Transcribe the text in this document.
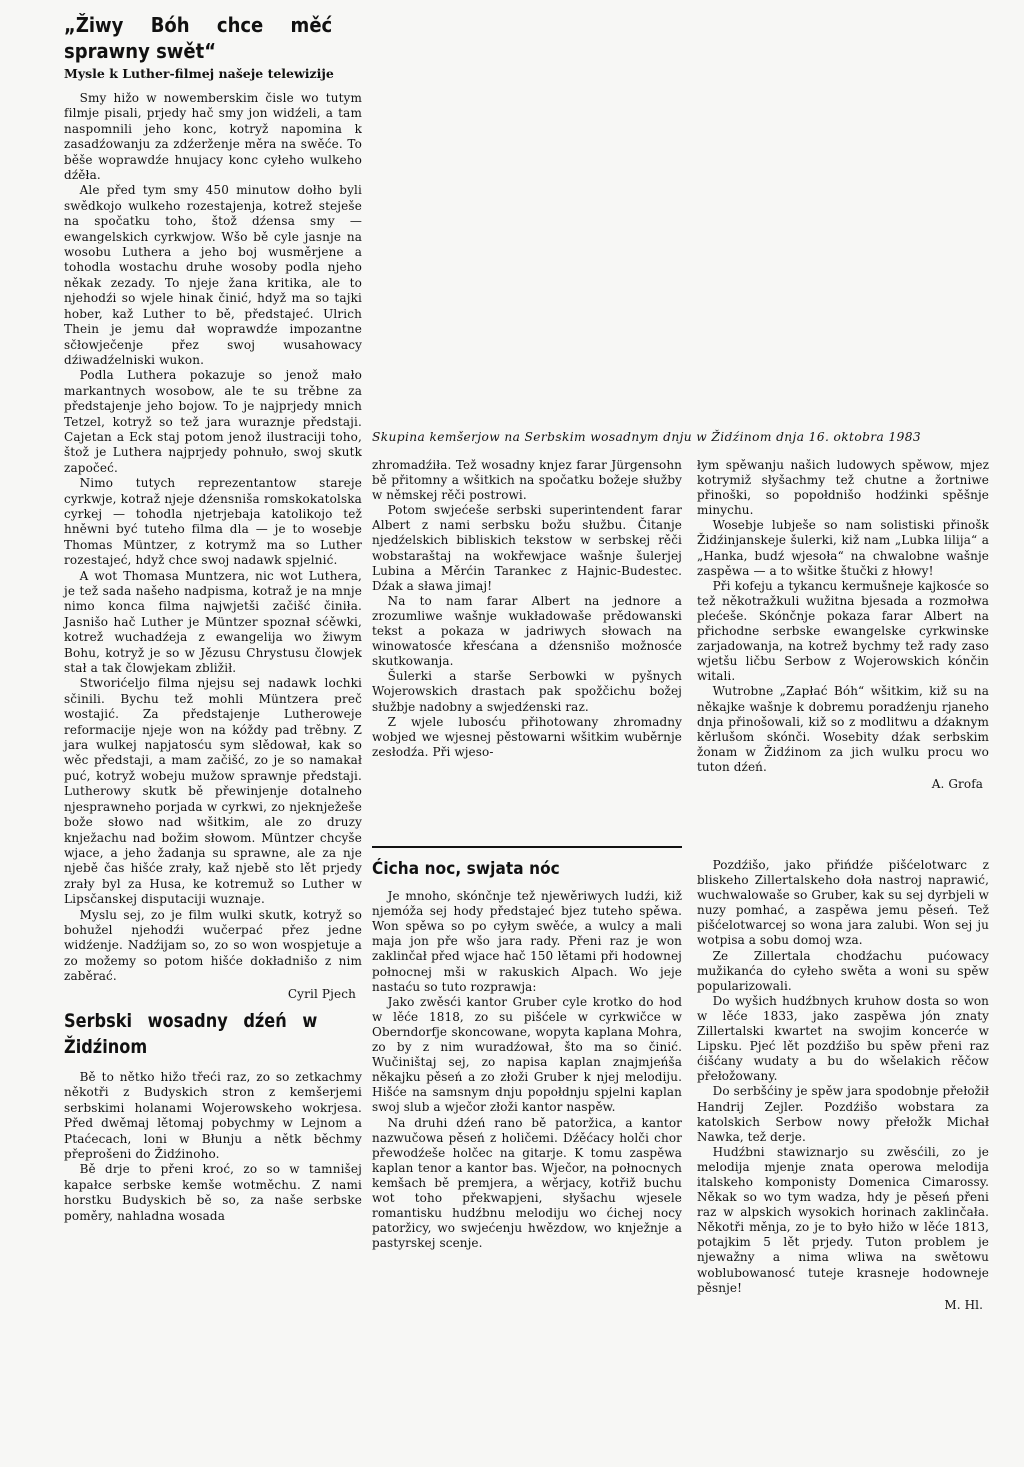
„Žiwy Bóh chce měć sprawny swět“
Mysle k Luther-filmej našeje telewizije

Smy hižo w nowemberskim čisle wo tutym filmje pisali, prjedy hač smy jon widźeli, a tam naspomnili jeho konc, kotryž napomina k zasadźowanju za zdźerženje měra na swěće. To běše woprawdźe hnujacy konc cyłeho wulkeho dźěła.

Ale před tym smy 450 minutow dołho byli swědkojo wulkeho rozestajenja, kotrež steješe na spočatku toho, štož dźensa smy — ewangelskich cyrkwjow. Wšo bě cyle jasnje na wosobu Luthera a jeho boj wusměrjene a tohodla wostachu druhe wosoby podla njeho někak zezady. To njeje žana kritika, ale to njehodźi so wjele hinak činić, hdyž ma so tajki hober, kaž Luther to bě, předstajeć. Ulrich Thein je jemu dał woprawdźe impozantne sčłowječenje přez swoj wusahowacy dźiwadźelniski wukon.

Podla Luthera pokazuje so jenož mało markantnych wosobow, ale te su trěbne za předstajenje jeho bojow. To je najprjedy mnich Tetzel, kotryž so tež jara wuraznje předstaji. Cajetan a Eck staj potom jenož ilustraciji toho, štož je Luthera najprjedy pohnuło, swoj skutk započeć.

Nimo tutych reprezentantow stareje cyrkwje, kotraž njeje dźensniša romskokatolska cyrkej — tohodla njetrjebaja katolikojo tež hněwni być tuteho filma dla — je to wosebje Thomas Müntzer, z kotrymž ma so Luther rozestajeć, hdyž chce swoj nadawk spjelnić.

A wot Thomasa Muntzera, nic wot Luthera, je tež sada našeho nadpisma, kotraž je na mnje nimo konca filma najwjetši začišć činiła. Jasnišo hač Luther je Müntzer spoznał sćěwki, kotrež wuchadźeja z ewangelija wo žiwym Bohu, kotryž je so w Jězusu Chrystusu člowjek stał a tak člowjekam zbližił.

Stworićeljo filma njejsu sej nadawk lochki sčinili. Bychu tež mohli Müntzera preč wostajić. Za předstajenje Lutheroweje reformacije njeje won na kóždy pad trěbny. Z jara wulkej napjatosću sym slědował, kak so wěc předstaji, a mam začišć, zo je so namakał puć, kotryž wobeju mužow sprawnje předstaji. Lutherowy skutk bě přewinjenje dotalneho njesprawneho porjada w cyrkwi, zo njeknježeše bože słowo nad wšitkim, ale zo druzy knježachu nad božim słowom. Müntzer chcyše wjace, a jeho žadanja su sprawne, ale za nje njebě čas hišće zrały, kaž njebě sto lět prjedy zrały byl za Husa, ke kotremuž so Luther w Lipsčanskej disputaciji wuznaje.

Myslu sej, zo je film wulki skutk, kotryž so bohužel njehodźi wučerpać přez jedne widźenje. Nadźijam so, zo so won wospjetuje a zo možemy so potom hišće dokładnišo z nim zaběrać.

Cyril Pjech

Serbski wosadny dźeń w Židźinom

Bě to nětko hižo třeći raz, zo so zetkachmy někotři z Budyskich stron z kemšerjemi serbskimi holanami Wojerowskeho wokrjesa. Před dwěmaj lětomaj pobychmy w Lejnom a Ptaćecach, loni w Błunju a nětk běchmy přeprošeni do Židźinoho.

Bě drje to přeni kroć, zo so w tamnišej kapałce serbske kemše wotměchu. Z nami horstku Budyskich bě so, za naše serbske poměry, nahladna wosada

Skupina kemšerjow na Serbskim wosadnym dnju w Židźinom dnja 16. oktobra 1983

zhromadźiła. Tež wosadny knjez farar Jürgensohn bě přitomny a wšitkich na spočatku božeje słužby w němskej rěči postrowi.

Potom swjećeše serbski superintendent farar Albert z nami serbsku božu słužbu. Čitanje njedźelskich bibliskich tekstow w serbskej rěči wobstaraštaj na wokřewjace wašnje šulerjej Lubina a Měrćin Tarankec z Hajnic-Budestec. Dźak a sława jimaj!

Na to nam farar Albert na jednore a zrozumliwe wašnje wukładowaše prědowanski tekst a pokaza w jadriwych słowach na winowatosće křesćana a dźensnišo možnosće skutkowanja.

Šulerki a starše Serbowki w pyšnych Wojerowskich drastach pak spožčichu božej słužbje nadobny a swjedźenski raz.

Z wjele lubosću přihotowany zhromadny wobjed we wjesnej pěstowarni wšitkim wuběrnje zesłodźa. Při wjeso-

łym spěwanju našich ludowych spěwow, mjez kotrymiž słyšachmy tež chutne a žortniwe přinoški, so popołdnišo hodźinki spěšnje minychu.

Wosebje lubješe so nam solistiski přinošk Židźinjanskeje šulerki, kiž nam „Lubka lilija“ a „Hanka, budź wjesoła“ na chwalobne wašnje zaspěwa — a to wšitke štučki z hłowy!

Při kofeju a tykancu kermušneje kajkosće so tež někotražkuli wužitna bjesada a rozmołwa plećeše. Skónčnje pokaza farar Albert na přichodne serbske ewangelske cyrkwinske zarjadowanja, na kotrež bychmy tež rady zaso wjetšu ličbu Serbow z Wojerowskich kónčin witali.

Wutrobne „Zapłać Bóh“ wšitkim, kiž su na někajke wašnje k dobremu poradźenju rjaneho dnja přinošowali, kiž so z modlitwu a dźaknym kěrlušom skónči. Wosebity dźak serbskim žonam w Židźinom za jich wulku procu wo tuton dźeń.

A. Grofa

Ćicha noc, swjata nóc

Je mnoho, skónčnje tež njewěriwych ludźi, kiž njemóža sej hody předstajeć bjez tuteho spěwa. Won spěwa so po cyłym swěće, a wulcy a mali maja jon pře wšo jara rady. Přeni raz je won zaklinčał před wjace hač 150 lětami při hodownej połnocnej mši w rakuskich Alpach. Wo jeje nastaću so tuto rozprawja:

Jako zwěsći kantor Gruber cyle krotko do hod w lěće 1818, zo su pišćele w cyrkwičce w Oberndorfje skoncowane, wopyta kaplana Mohra, zo by z nim wuradźował, što ma so činić. Wučiništaj sej, zo napisa kaplan znajmjeńša někajku pěseń a zo złoži Gruber k njej melodiju. Hišće na samsnym dnju popołdnju spjelni kaplan swoj slub a wječor złoži kantor naspěw.

Na druhi dźeń rano bě patoržica, a kantor nazwučowa pěseń z holičemi. Dźěćacy holči chor přewodźeše holčec na gitarje. K tomu zaspěwa kaplan tenor a kantor bas. Wječor, na połnocnych kemšach bě premjera, a wěrjacy, kotřiž buchu wot toho překwapjeni, słyšachu wjesele romantisku hudźbnu melodiju wo ćichej nocy patoržicy, wo swjećenju hwězdow, wo knježnje a pastyrskej scenje.

Pozdźišo, jako přińdźe pišćelotwarc z bliskeho Zillertalskeho doła nastroj naprawić, wuchwalowaše so Gruber, kak su sej dyrbjeli w nuzy pomhać, a zaspěwa jemu pěseń. Tež pišćelotwarcej so wona jara zalubi. Won sej ju wotpisa a sobu domoj wza.

Ze Zillertala chodźachu pućowacy mužikanća do cyłeho swěta a woni su spěw popularizowali.

Do wyšich hudźbnych kruhow dosta so won w lěće 1833, jako zaspěwa jón znaty Zillertalski kwartet na swojim koncerće w Lipsku. Pjeć lět pozdźišo bu spěw přeni raz ćišćany wudaty a bu do wšelakich rěčow přełožowany.

Do serbšćiny je spěw jara spodobnje přełožił Handrij Zejler. Pozdźišo wobstara za katolskich Serbow nowy přełožk Michał Nawka, tež derje.

Hudźbni stawiznarjo su zwěsćili, zo je melodija mjenje znata operowa melodija italskeho komponisty Domenica Cimarossy. Někak so wo tym wadza, hdy je pěseń přeni raz w alpskich wysokich horinach zaklinčała. Někotři měnja, zo je to było hižo w lěće 1813, potajkim 5 lět prjedy. Tuton problem je njewažny a nima wliwa na swětowu woblubowanosć tuteje krasneje hodowneje pěsnje!

M. Hl.
